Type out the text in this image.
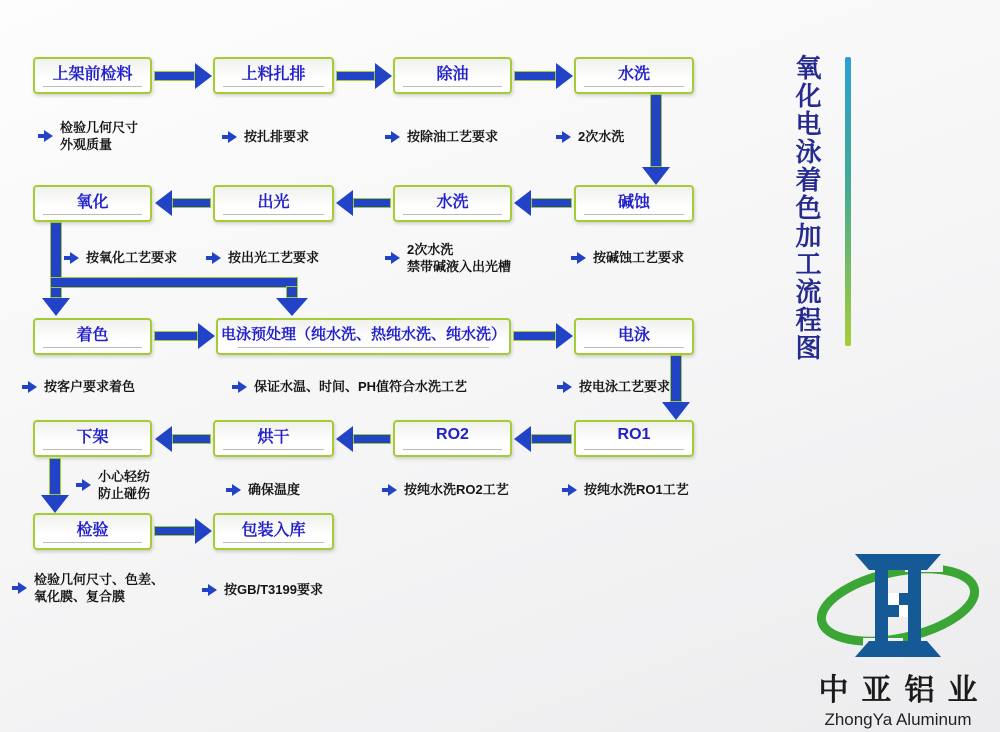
上架前检料	上料扎排	除油	水洗
检验几何尺寸
外观质量
按扎排要求	按除油工艺要求	2次水洗
氧化	出光	水洗	碱蚀
按氧化工艺要求	按出光工艺要求
2次水洗
禁带碱液入出光槽
按碱蚀工艺要求
着色	电泳预处理（纯水洗、热纯水洗、纯水洗）	电泳
按客户要求着色	保证水温、时间、PH值符合水洗工艺	按电泳工艺要求
下架	烘干	RO2	RO1
小心轻纺
防止碰伤	确保温度	按纯水洗RO2工艺	按纯水洗RO1工艺
检验	包装入库
检验几何尺寸、色差、
氧化膜、复合膜	按GB/T3199要求
氧化电泳着色加工流程图
中亚铝业
ZhongYa Aluminum
